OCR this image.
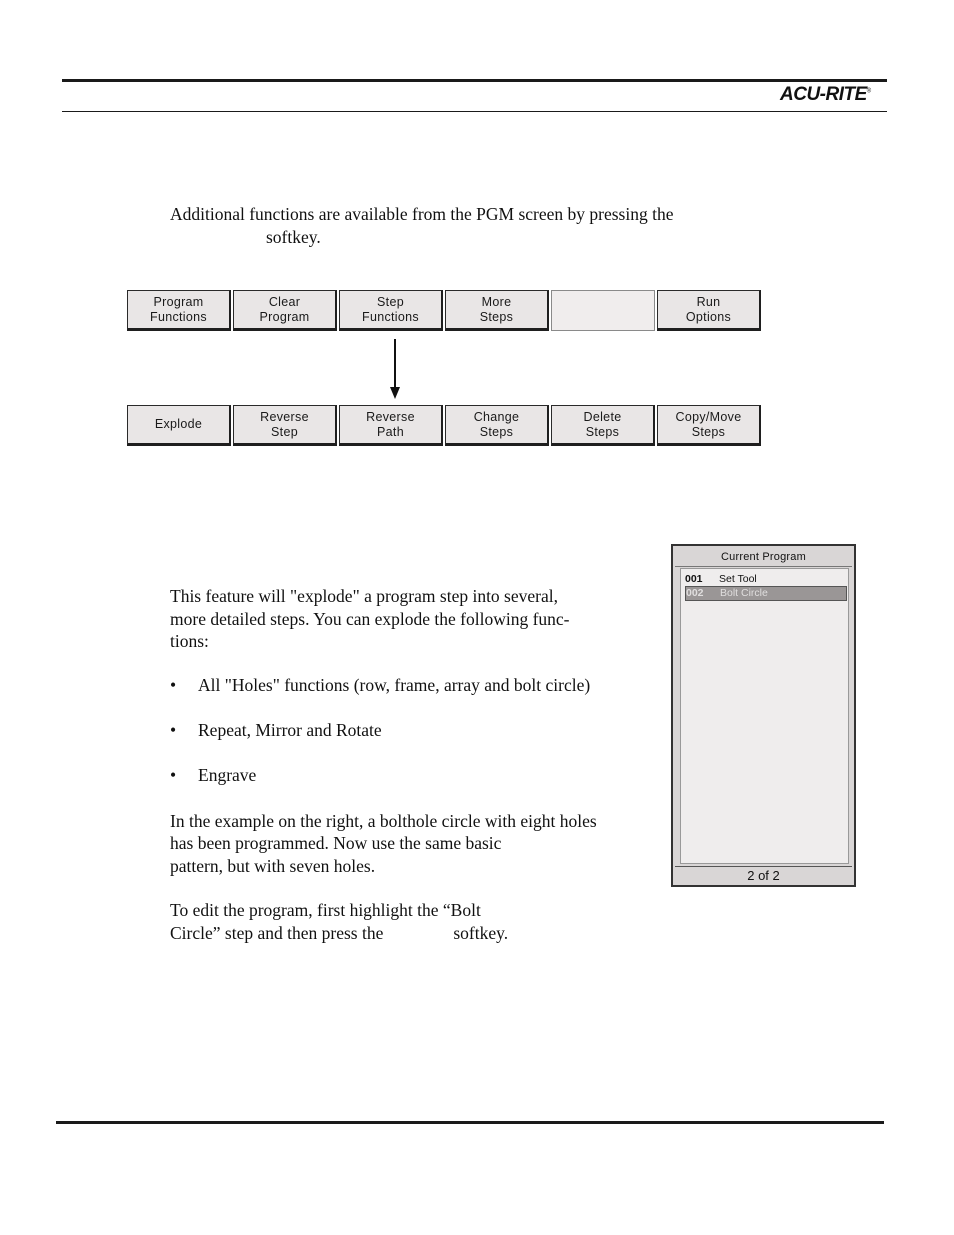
ACU-RITE®
Additional functions are available from the PGM screen by pressing the
softkey.
Program
Functions
Clear
Program
Step
Functions
More
Steps
Run
Options
Explode
Reverse
Step
Reverse
Path
Change
Steps
Delete
Steps
Copy/Move
Steps
This feature will "explode" a program step into several,
more detailed steps. You can explode the following func-
tions:
• All "Holes" functions (row, frame, array and bolt circle)
• Repeat, Mirror and Rotate
• Engrave
In the example on the right, a bolthole circle with eight holes
has been programmed. Now use the same basic
pattern, but with seven holes.
To edit the program, first highlight the “Bolt
Circle” step and then press the                softkey.
Current Program
001 Set Tool
002 Bolt Circle
2 of 2
